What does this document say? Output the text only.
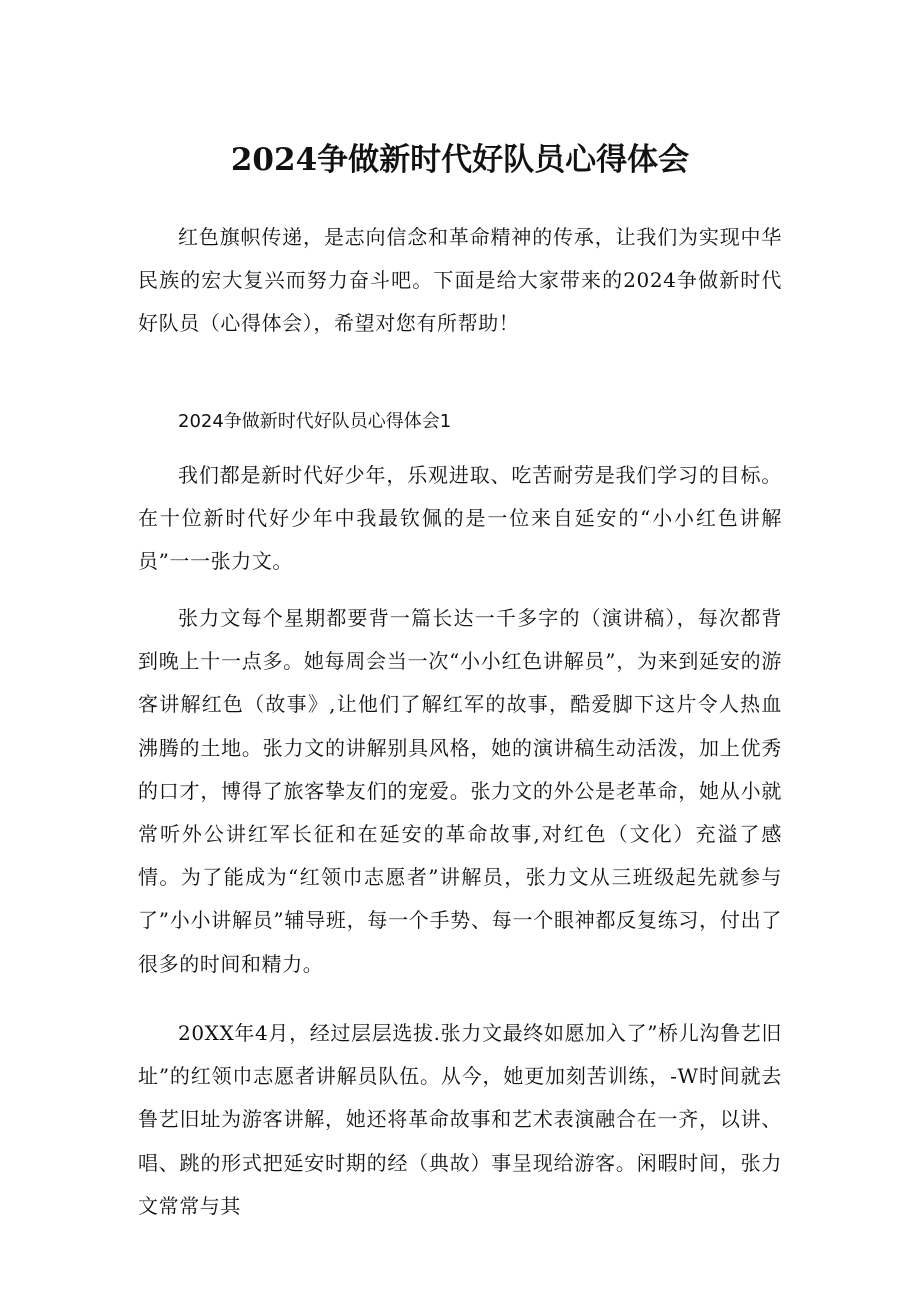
2024争做新时代好队员心得体会

红色旗帜传递，是志向信念和革命精神的传承，让我们为实现中华民族的宏大复兴而努力奋斗吧。下面是给大家带来的2024争做新时代好队员（心得体会），希望对您有所帮助！

2024争做新时代好队员心得体会1

我们都是新时代好少年，乐观进取、吃苦耐劳是我们学习的目标。在十位新时代好少年中我最钦佩的是一位来自延安的“小小红色讲解员”一一张力文。

张力文每个星期都要背一篇长达一千多字的（演讲稿），每次都背到晚上十一点多。她每周会当一次“小小红色讲解员”，为来到延安的游客讲解红色（故事》,让他们了解红军的故事，酷爱脚下这片令人热血沸腾的土地。张力文的讲解别具风格，她的演讲稿生动活泼，加上优秀的口才，博得了旅客挚友们的宠爱。张力文的外公是老革命，她从小就常听外公讲红军长征和在延安的革命故事,对红色（文化）充溢了感情。为了能成为“红领巾志愿者”讲解员，张力文从三班级起先就参与了”小小讲解员”辅导班，每一个手势、每一个眼神都反复练习，付出了很多的时间和精力。

20XX年4月，经过层层选拔.张力文最终如愿加入了”桥儿沟鲁艺旧址”的红领巾志愿者讲解员队伍。从今，她更加刻苦训练，-W时间就去鲁艺旧址为游客讲解，她还将革命故事和艺术表演融合在一齐，以讲、唱、跳的形式把延安时期的经（典故）事呈现给游客。闲暇时间，张力文常常与其
